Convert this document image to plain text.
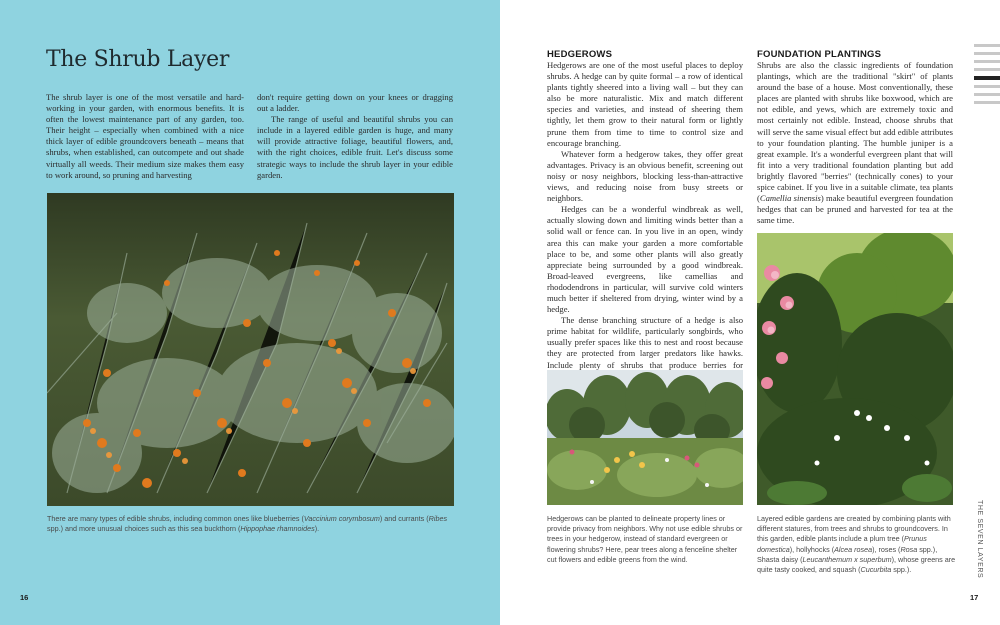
The Shrub Layer

The shrub layer is one of the most versatile and hardworking in your garden, with enormous benefits. It is often the lowest maintenance part of any garden, too. Their height – especially when combined with a nice thick layer of edible groundcovers beneath – means that shrubs, when established, can outcompete and out shade virtually all weeds. Their medium size makes them easy to work around, so pruning and harvesting

don't require getting down on your knees or dragging out a ladder.

The range of useful and beautiful shrubs you can include in a layered edible garden is huge, and many will provide attractive foliage, beautiful flowers, and, with the right choices, edible fruit. Let's discuss some strategic ways to include the shrub layer in your edible garden.

There are many types of edible shrubs, including common ones like blueberries (Vaccinium corymbosum) and currants (Ribes spp.) and more unusual choices such as this sea buckthorn (Hippophae rhamnoides).
16
HEDGEROWS

Hedgerows are one of the most useful places to deploy shrubs. A hedge can by quite formal – a row of identical plants tightly sheered into a living wall – but they can also be more naturalistic. Mix and match different species and varieties, and instead of sheering them tightly, let them grow to their natural form or lightly prune them from time to time to control size and encourage branching.

Whatever form a hedgerow takes, they offer great advantages. Privacy is an obvious benefit, screening out noisy or nosy neighbors, blocking less-than-attractive views, and reducing noise from busy streets or neighbors.

Hedges can be a wonderful windbreak as well, actually slowing down and limiting winds better than a solid wall or fence can. In you live in an open, windy area this can make your garden a more comfortable place to be, and some other plants will also greatly appreciate being surrounded by a good windbreak. Broad-leaved evergreens, like camellias and rhododendrons in particular, will survive cold winters much better if sheltered from drying, winter wind by a hedge.

The dense branching structure of a hedge is also prime habitat for wildlife, particularly songbirds, who usually prefer spaces like this to nest and roost because they are protected from larger predators like hawks. Include plenty of shrubs that produce berries for

Hedgerows can be planted to delineate property lines or provide privacy from neighbors. Why not use edible shrubs or trees in your hedgerow, instead of standard evergreen or flowering shrubs? Here, pear trees along a fenceline shelter cut flowers and edible greens from the wind.
FOUNDATION PLANTINGS

Shrubs are also the classic ingredients of foundation plantings, which are the traditional "skirt" of plants around the base of a house. Most conventionally, these places are planted with shrubs like boxwood, which are not edible, and yews, which are extremely toxic and most certainly not edible. Instead, choose shrubs that will serve the same visual effect but add edible attributes to your foundation planting. The humble juniper is a great example. It's a wonderful evergreen plant that will fit into a very traditional foundation planting but add brightly flavored "berries" (technically cones) to your spice cabinet. If you live in a suitable climate, tea plants (Camellia sinensis) make beautiful evergreen foundation hedges that can be pruned and harvested for tea at the same time.

Layered edible gardens are created by combining plants with different statures, from trees and shrubs to groundcovers. In this garden, edible plants include a plum tree (Prunus domestica), hollyhocks (Alcea rosea), roses (Rosa spp.), Shasta daisy (Leucanthemum x superbum), whose greens are quite tasty cooked, and squash (Cucurbita spp.).	THE SEVEN LAYERS
17
